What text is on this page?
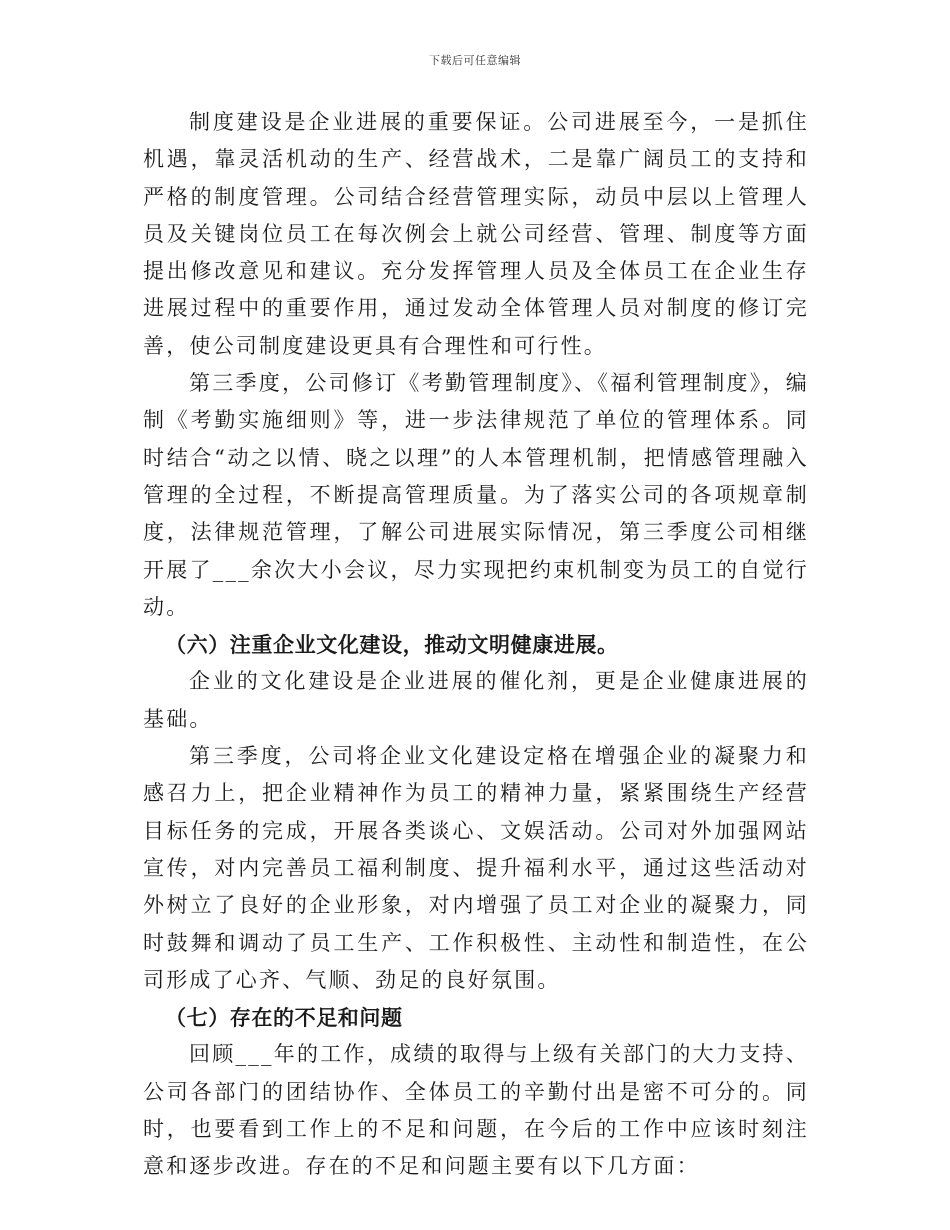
下载后可任意编辑

制度建设是企业进展的重要保证。公司进展至今，一是抓住机遇，靠灵活机动的生产、经营战术，二是靠广阔员工的支持和严格的制度管理。公司结合经营管理实际，动员中层以上管理人员及关键岗位员工在每次例会上就公司经营、管理、制度等方面提出修改意见和建议。充分发挥管理人员及全体员工在企业生存进展过程中的重要作用，通过发动全体管理人员对制度的修订完善，使公司制度建设更具有合理性和可行性。

第三季度，公司修订《考勤管理制度》、《福利管理制度》，编制《考勤实施细则》等，进一步法律规范了单位的管理体系。同时结合“动之以情、晓之以理”的人本管理机制，把情感管理融入管理的全过程，不断提高管理质量。为了落实公司的各项规章制度，法律规范管理，了解公司进展实际情况，第三季度公司相继开展了___余次大小会议，尽力实现把约束机制变为员工的自觉行动。

（六）注重企业文化建设，推动文明健康进展。

企业的文化建设是企业进展的催化剂，更是企业健康进展的基础。

第三季度，公司将企业文化建设定格在增强企业的凝聚力和感召力上，把企业精神作为员工的精神力量，紧紧围绕生产经营目标任务的完成，开展各类谈心、文娱活动。公司对外加强网站宣传，对内完善员工福利制度、提升福利水平，通过这些活动对外树立了良好的企业形象，对内增强了员工对企业的凝聚力，同时鼓舞和调动了员工生产、工作积极性、主动性和制造性，在公司形成了心齐、气顺、劲足的良好氛围。

（七）存在的不足和问题

回顾___年的工作，成绩的取得与上级有关部门的大力支持、公司各部门的团结协作、全体员工的辛勤付出是密不可分的。同时，也要看到工作上的不足和问题，在今后的工作中应该时刻注意和逐步改进。存在的不足和问题主要有以下几方面：
